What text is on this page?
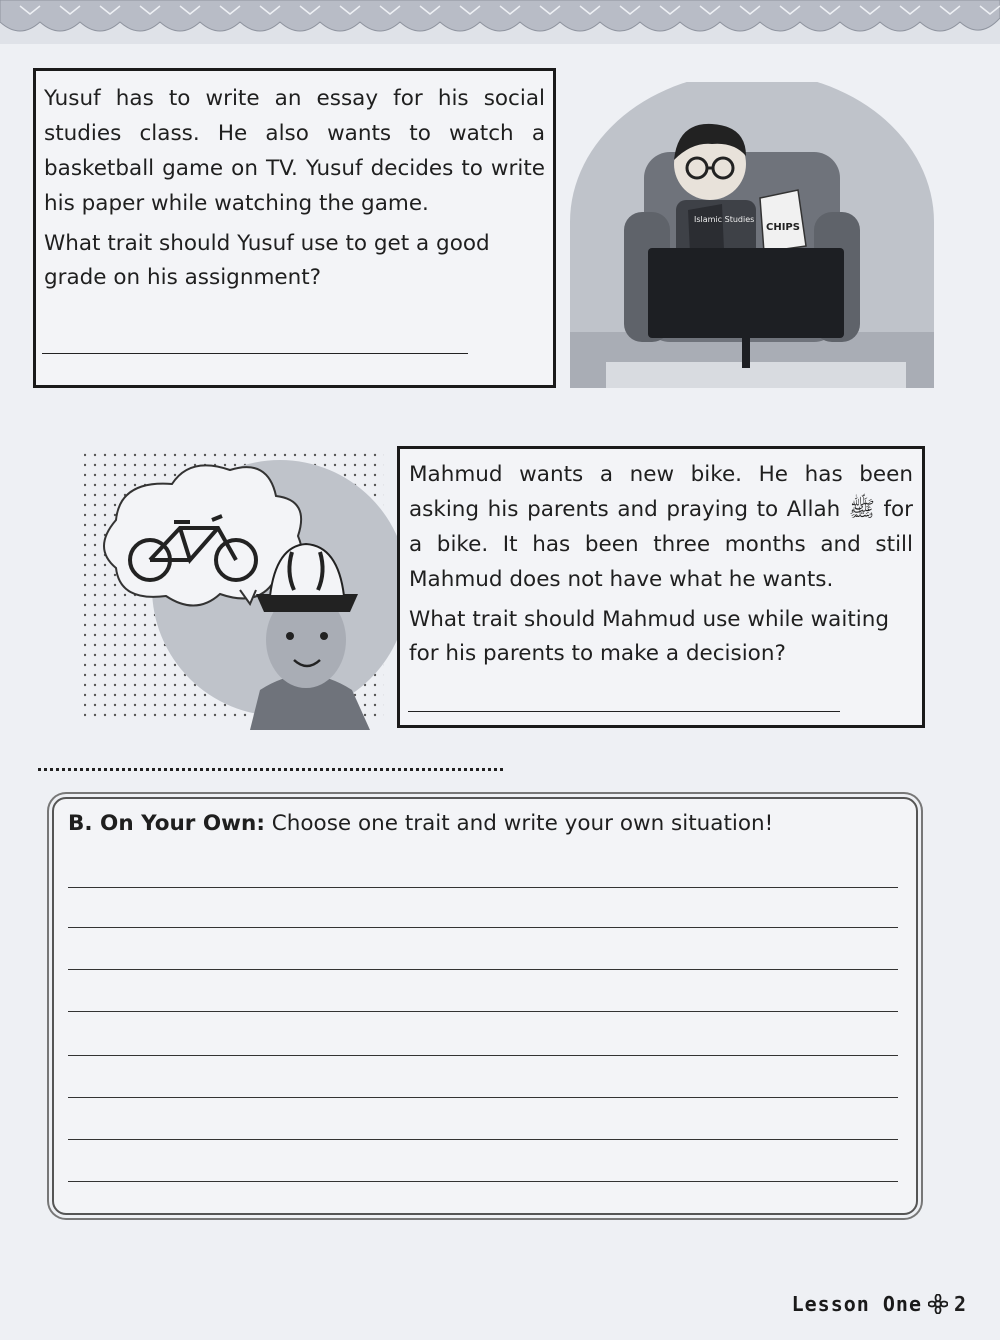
Yusuf has to write an essay for his social studies class. He also wants to watch a basketball game on TV. Yusuf decides to write his paper while watching the game.

What trait should Yusuf use to get a good grade on his assignment?

Islamic Studies
CHIPS

Mahmud wants a new bike. He has been asking his parents and praying to Allah ﷺ for a bike. It has been three months and still Mahmud does not have what he wants.

What trait should Mahmud use while waiting for his parents to make a decision?

B. On Your Own: Choose one trait and write your own situation!
Lesson One 2
